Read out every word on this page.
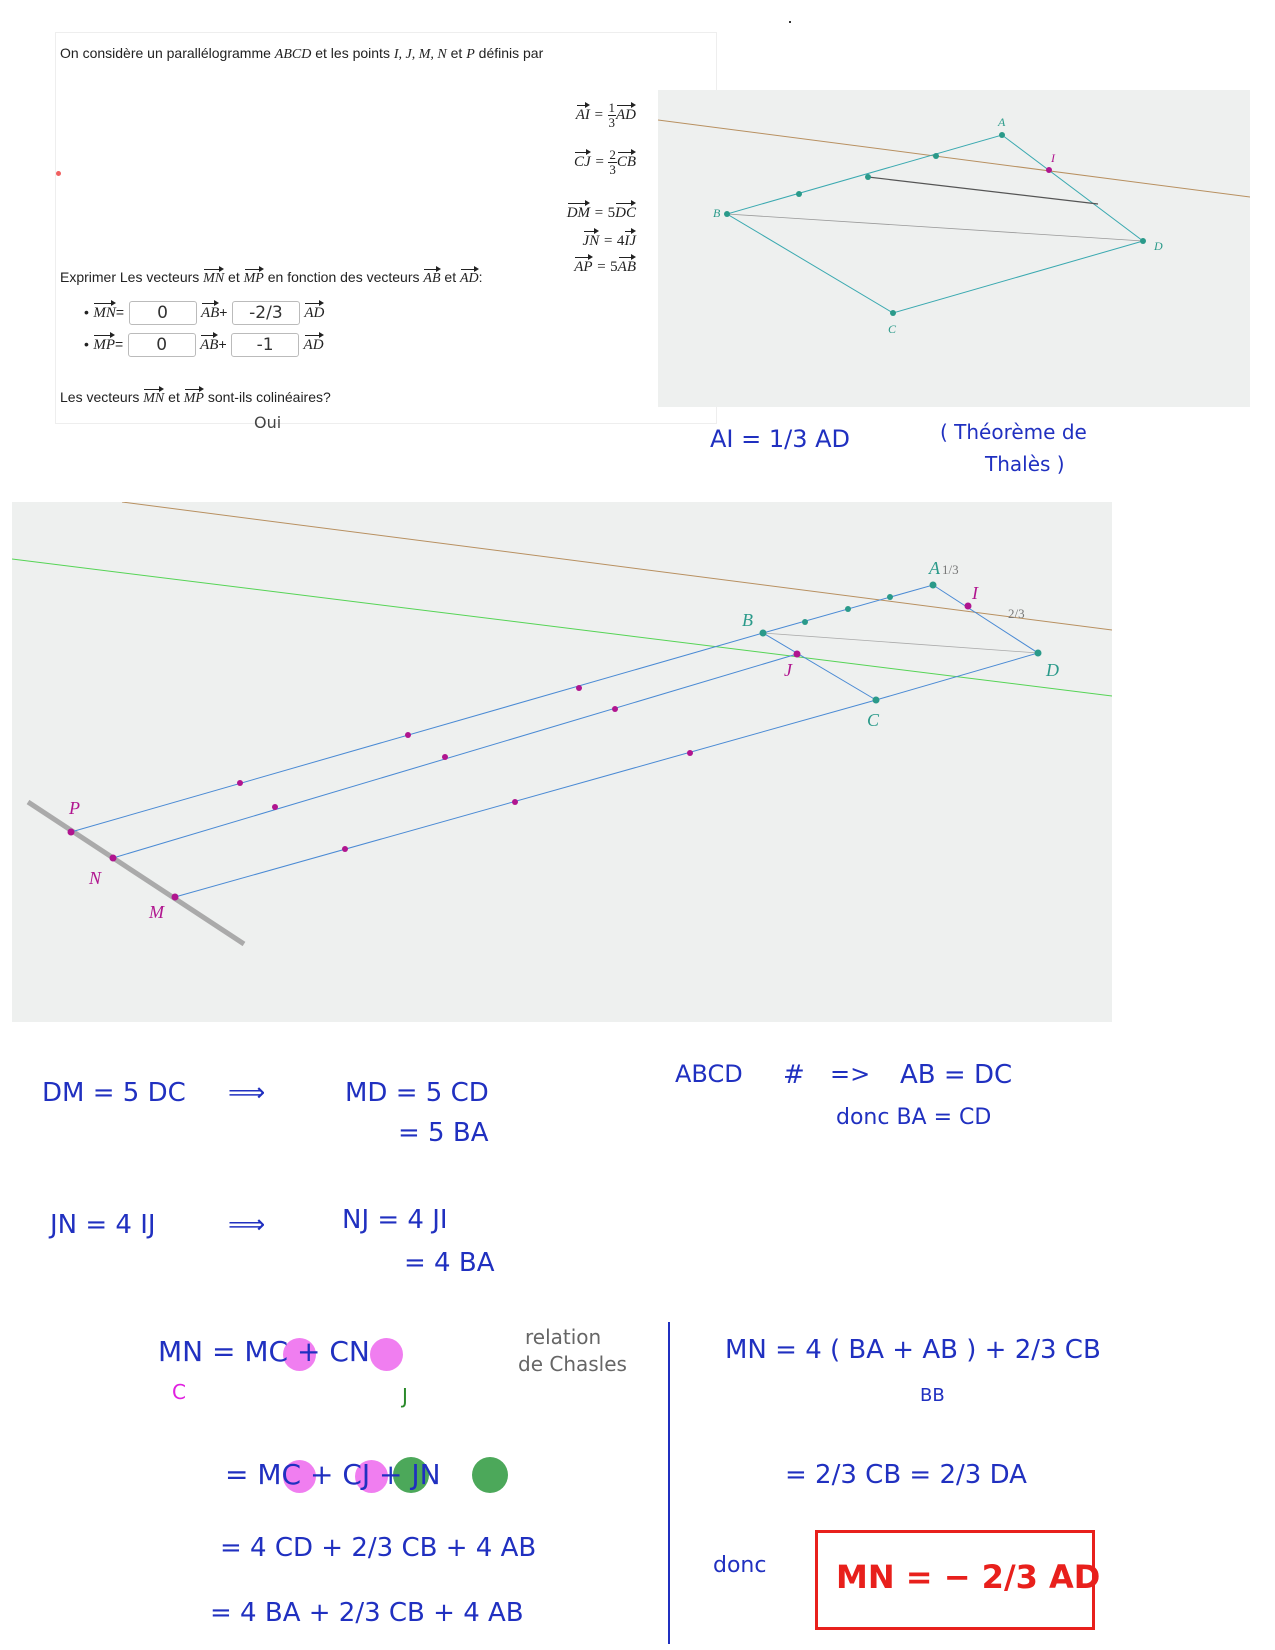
On considère un parallélogramme ABCD et les points I, J, M, N et P définis par
AI = $\frac{1}{3}$ AD
CJ = $\frac{2}{3}$ CB
DM = 5DC
JN = 4IJ
AP = 5AB
Exprimer Les vecteurs MN et MP en fonction des vecteurs AB et AD:
• MN= 0 AB+ -2/3 AD
• MP= 0 AB+ -1 AD
Les vecteurs MN et MP sont-ils colinéaires?
Oui
A
I
B
D
C
AI = 1/3 AD	( Théorème de
Thalès )
A
I
B
J	D
C
P
N
M
1/3
2/3
DM = 5 DC ⟹	MD = 5 CD
= 5 BA
ABCD # => AB = DC
donc BA = CD
JN = 4 IJ	⟹	NJ = 4 JI
= 4 BA
MN = MC + CN
C	J
relation
de Chasles
= MC + CJ + JN
= 4 CD + 2/3 CB + 4 AB
= 4 BA + 2/3 CB + 4 AB
MN = 4 ( BA + AB ) + 2/3 CB
BB
= 2/3 CB = 2/3 DA
donc MN = − 2/3 AD
